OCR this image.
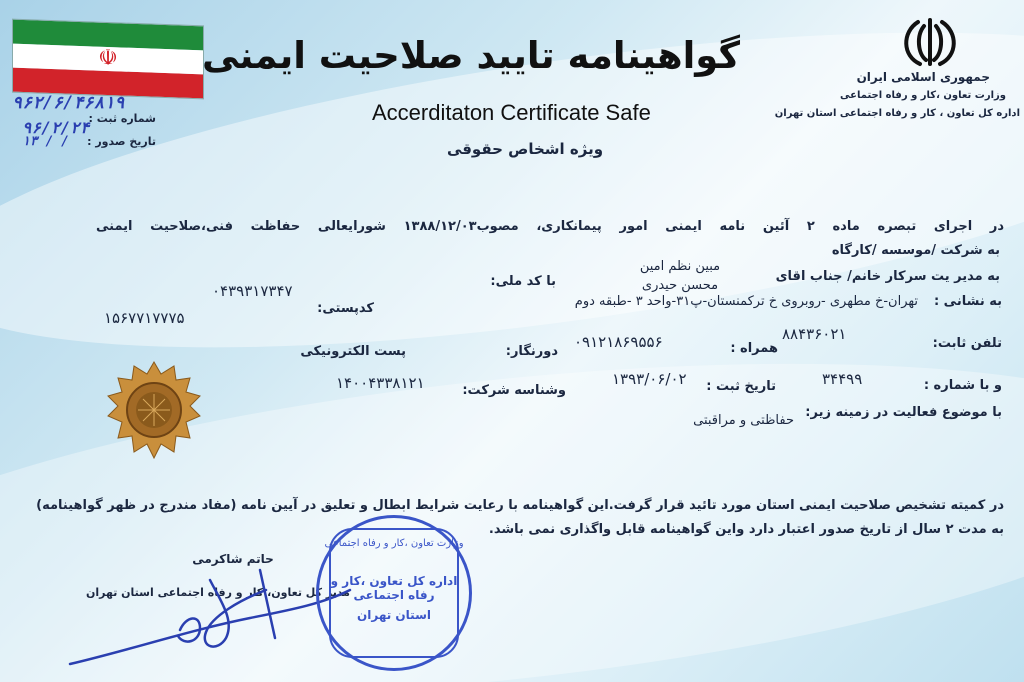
☫
جمهوری اسلامی ایران
وزارت تعاون ،کار و رفاه اجتماعی
اداره کل تعاون ، کار و رفاه اجتماعی استان تهران
گواهینامه تایید صلاحیت ایمنی
Accerditaton Certificate Safe
ویژه اشخاص حقوقی
۹۶۲/۶/۴۶۸۱۹
شماره ثبت :
۹۶/۲/۲۴
۱۳ / / تاریخ صدور :
در اجرای تبصره ماده ۲ آئین نامه ایمنی امور پیمانکاری، مصوب۱۳۸۸/۱۲/۰۳ شورایعالی حفاظت فنی،صلاحیت ایمنی
به شرکت /موسسه /کارگاه
مبین نظم امین
به مدیر یت سرکار خانم/ جناب اقای
محسن حیدری
با کد ملی:
۰۴۳۹۳۱۷۳۴۷
به نشانی :
تهران-خ مطهری -روبروی خ ترکمنستان-پ۳۱-واحد ۳ -طبقه دوم
کدپستی:
۱۵۶۷۷۱۷۷۷۵
تلفن ثابت:
۸۸۴۳۶۰۲۱
همراه :
۰۹۱۲۱۸۶۹۵۵۶
دورنگار:
پست الکترونیکی
و با شماره :
۳۴۴۹۹
تاریخ ثبت :
۱۳۹۳/۰۶/۰۲
وشناسه شرکت:
۱۴۰۰۴۳۳۸۱۲۱
با موضوع فعالیت در زمینه زیر:
حفاظتی و مراقبتی
در کمیته تشخیص صلاحیت ایمنی استان مورد تائید قرار گرفت.این گواهینامه با رعایت شرایط ابطال و تعلیق در آیین نامه (مفاد مندرج در ظهر گواهینامه)
به مدت ۲ سال از تاریخ صدور اعتبار دارد واین گواهینامه قابل واگذاری نمی باشد.
حاتم شاکرمی
مدیر کل تعاون، کار و رفاه اجتماعی استان تهران
وزارت تعاون ،کار و رفاه اجتماعی
اداره کل تعاون ،کار و رفاه اجتماعی
استان تهران
